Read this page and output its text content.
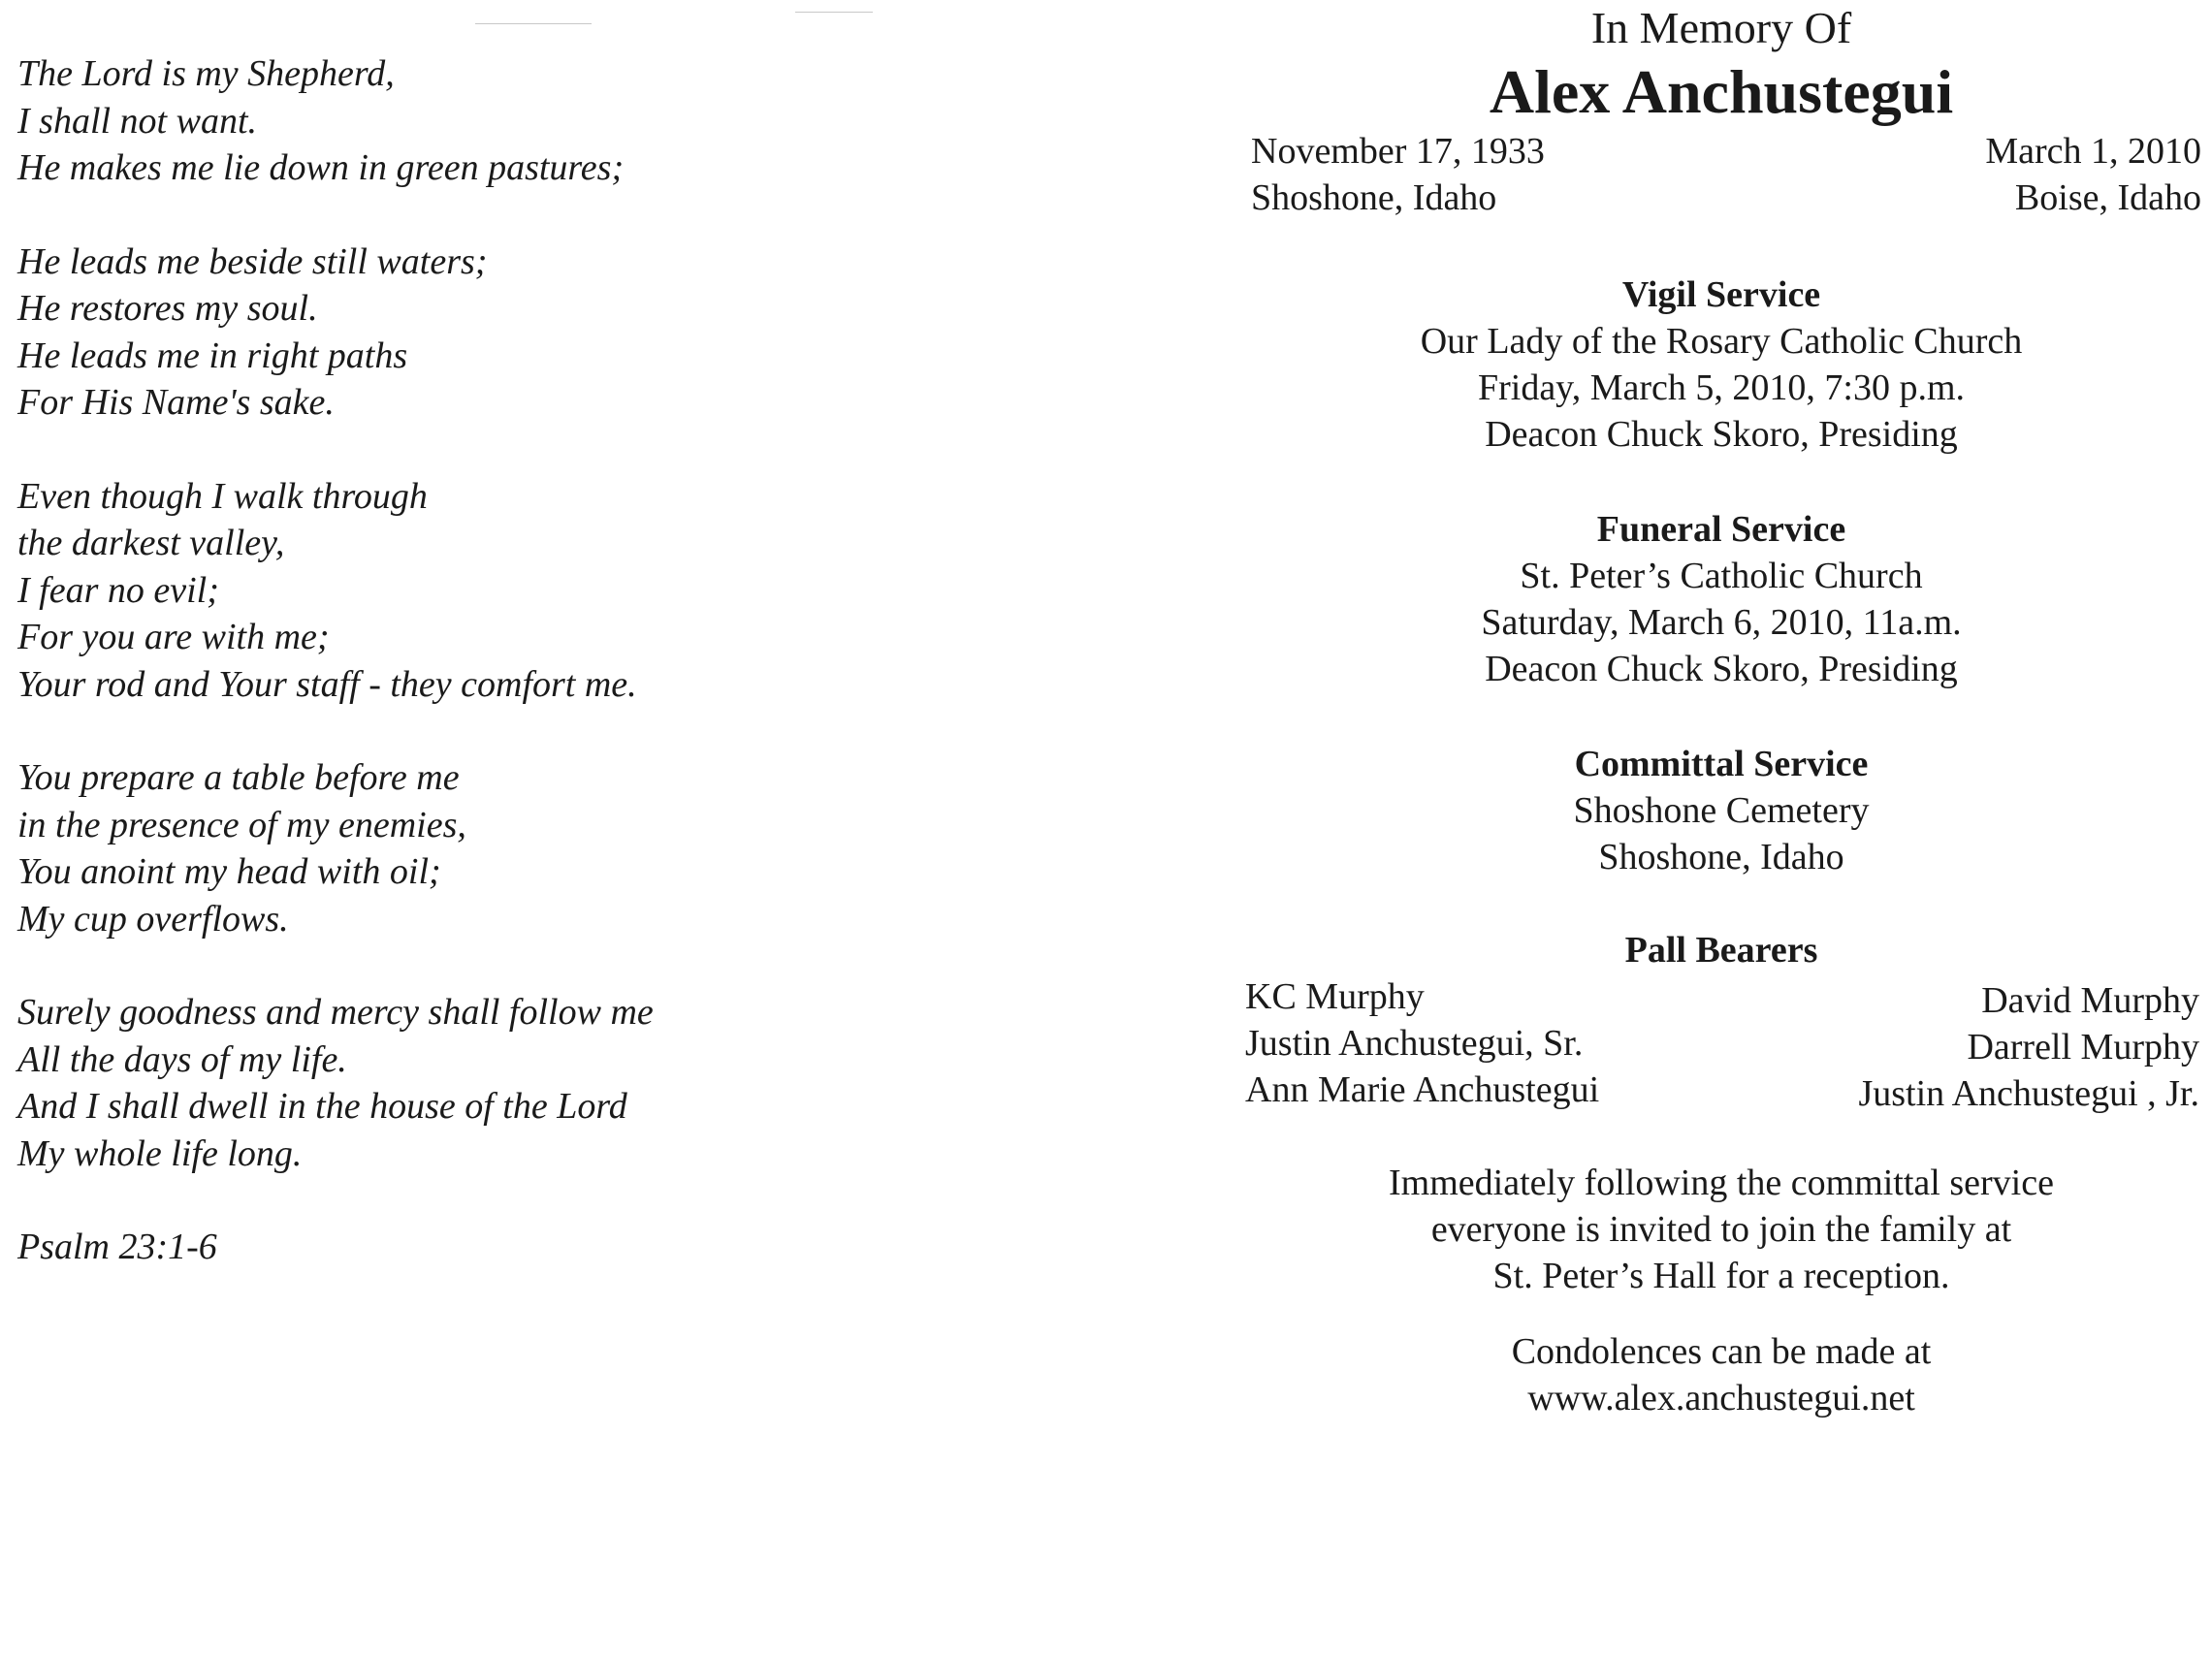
The Lord is my Shepherd,
I shall not want.
He makes me lie down in green pastures;
He leads me beside still waters;
He restores my soul.
He leads me in right paths
For His Name's sake.
Even though I walk through
the darkest valley,
I fear no evil;
For you are with me;
Your rod and Your staff - they comfort me.
You prepare a table before me
in the presence of my enemies,
You anoint my head with oil;
My cup overflows.
Surely goodness and mercy shall follow me
All the days of my life.
And I shall dwell in the house of the Lord
My whole life long.
Psalm 23:1-6
In Memory Of
Alex Anchustegui
November 17, 1933
Shoshone, Idaho
March 1, 2010
Boise, Idaho
Vigil Service
Our Lady of the Rosary Catholic Church
Friday, March 5, 2010, 7:30 p.m.
Deacon Chuck Skoro, Presiding
Funeral Service
St. Peter’s Catholic Church
Saturday, March 6, 2010, 11a.m.
Deacon Chuck Skoro, Presiding
Committal Service
Shoshone Cemetery
Shoshone, Idaho
Pall Bearers
KC Murphy
Justin Anchustegui, Sr.
Ann Marie Anchustegui
David Murphy
Darrell Murphy
Justin Anchustegui , Jr.
Immediately following the committal service
everyone is invited to join the family at
St. Peter’s Hall for a reception.
Condolences can be made at
www.alex.anchustegui.net
